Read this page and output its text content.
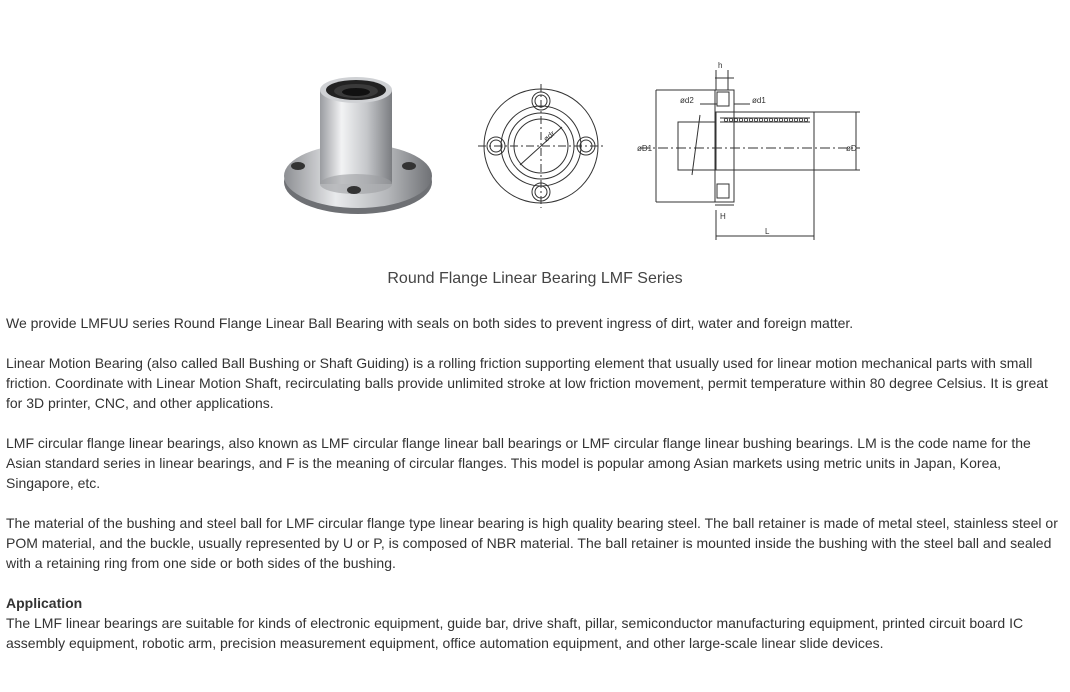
ødr
ød2	ød1
øD1	øD
h
H
L
Round Flange Linear Bearing LMF Series

We provide LMFUU series Round Flange Linear Ball Bearing with seals on both sides to prevent ingress of dirt, water and foreign matter.

Linear Motion Bearing (also called Ball Bushing or Shaft Guiding) is a rolling friction supporting element that usually used for linear motion mechanical parts with small friction. Coordinate with Linear Motion Shaft, recirculating balls provide unlimited stroke at low friction movement, permit temperature within 80 degree Celsius. It is great for 3D printer, CNC, and other applications.

LMF circular flange linear bearings, also known as LMF circular flange linear ball bearings or LMF circular flange linear bushing bearings. LM is the code name for the Asian standard series in linear bearings, and F is the meaning of circular flanges. This model is popular among Asian markets using metric units in Japan, Korea, Singapore, etc.

The material of the bushing and steel ball for LMF circular flange type linear bearing is high quality bearing steel. The ball retainer is made of metal steel, stainless steel or POM material, and the buckle, usually represented by U or P, is composed of NBR material. The ball retainer is mounted inside the bushing with the steel ball and sealed with a retaining ring from one side or both sides of the bushing.

Application

The LMF linear bearings are suitable for kinds of electronic equipment, guide bar, drive shaft, pillar, semiconductor manufacturing equipment, printed circuit board IC assembly equipment, robotic arm, precision measurement equipment, office automation equipment, and other large-scale linear slide devices.
